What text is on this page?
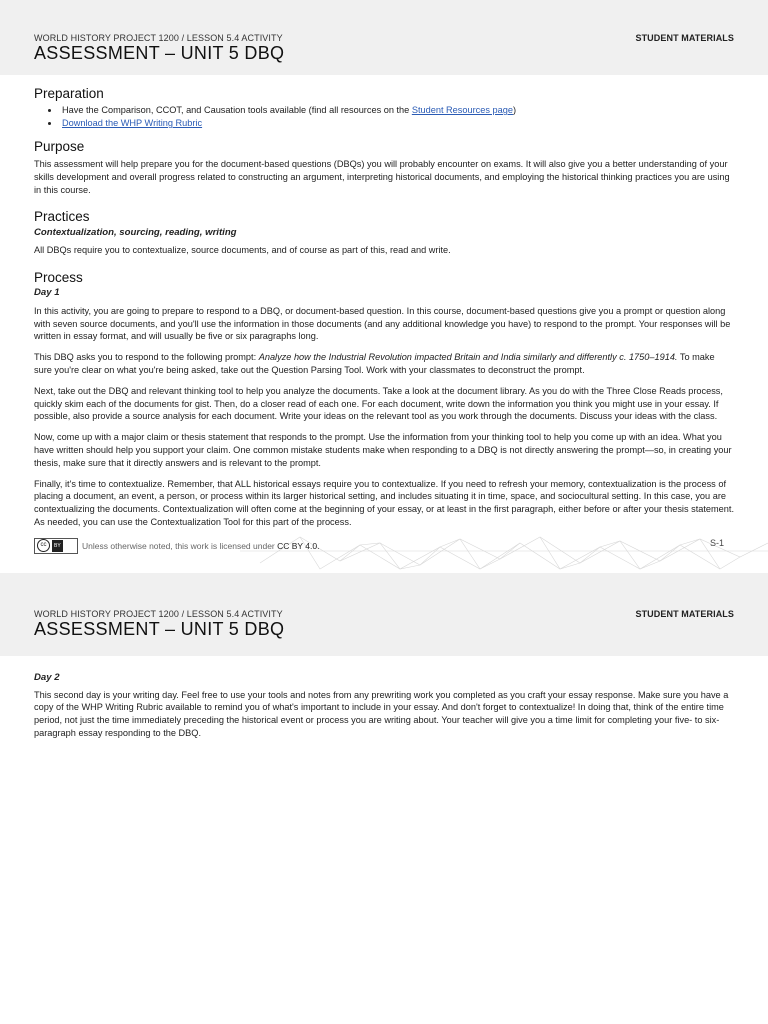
WORLD HISTORY PROJECT 1200 / LESSON 5.4 ACTIVITY	STUDENT MATERIALS
ASSESSMENT – UNIT 5 DBQ
Preparation
• Have the Comparison, CCOT, and Causation tools available (find all resources on the Student Resources page)
• Download the WHP Writing Rubric
Purpose

This assessment will help prepare you for the document-based questions (DBQs) you will probably encounter on exams. It will also give you a better understanding of your skills development and overall progress related to constructing an argument, interpreting historical documents, and employing the historical thinking practices you are using in this course.

Practices

Contextualization, sourcing, reading, writing

All DBQs require you to contextualize, source documents, and of course as part of this, read and write.

Process

Day 1

In this activity, you are going to prepare to respond to a DBQ, or document-based question. In this course, document-based questions give you a prompt or question along with seven source documents, and you'll use the information in those documents (and any additional knowledge you have) to respond to the prompt. Your responses will be written in essay format, and will usually be five or six paragraphs long.

This DBQ asks you to respond to the following prompt: Analyze how the Industrial Revolution impacted Britain and India similarly and differently c. 1750–1914. To make sure you're clear on what you're being asked, take out the Question Parsing Tool. Work with your classmates to deconstruct the prompt.

Next, take out the DBQ and relevant thinking tool to help you analyze the documents. Take a look at the document library. As you do with the Three Close Reads process, quickly skim each of the documents for gist. Then, do a closer read of each one. For each document, write down the information you think you might use in your essay. If possible, also provide a source analysis for each document. Write your ideas on the relevant tool as you work through the documents. Discuss your ideas with the class.

Now, come up with a major claim or thesis statement that responds to the prompt. Use the information from your thinking tool to help you come up with an idea. What you have written should help you support your claim. One common mistake students make when responding to a DBQ is not directly answering the prompt—so, in creating your thesis, make sure that it directly answers and is relevant to the prompt.

Finally, it's time to contextualize. Remember, that ALL historical essays require you to contextualize. If you need to refresh your memory, contextualization is the process of placing a document, an event, a person, or process within its larger historical setting, and includes situating it in time, space, and sociocultural setting. In this case, you are contextualizing the documents. Contextualization will often come at the beginning of your essay, or at least in the first paragraph, either before or after your thesis statement. As needed, you can use the Contextualization Tool for this part of the process.

cc	BY	Unless otherwise noted, this work is licensed under CC BY 4.0.	S-1
WORLD HISTORY PROJECT 1200 / LESSON 5.4 ACTIVITY	STUDENT MATERIALS
ASSESSMENT – UNIT 5 DBQ

Day 2

This second day is your writing day. Feel free to use your tools and notes from any prewriting work you completed as you craft your essay response. Make sure you have a copy of the WHP Writing Rubric available to remind you of what's important to include in your essay. And don't forget to contextualize! In doing that, think of the entire time period, not just the time immediately preceding the historical event or process you are writing about. Your teacher will give you a time limit for completing your five- to six-paragraph essay responding to the DBQ.
